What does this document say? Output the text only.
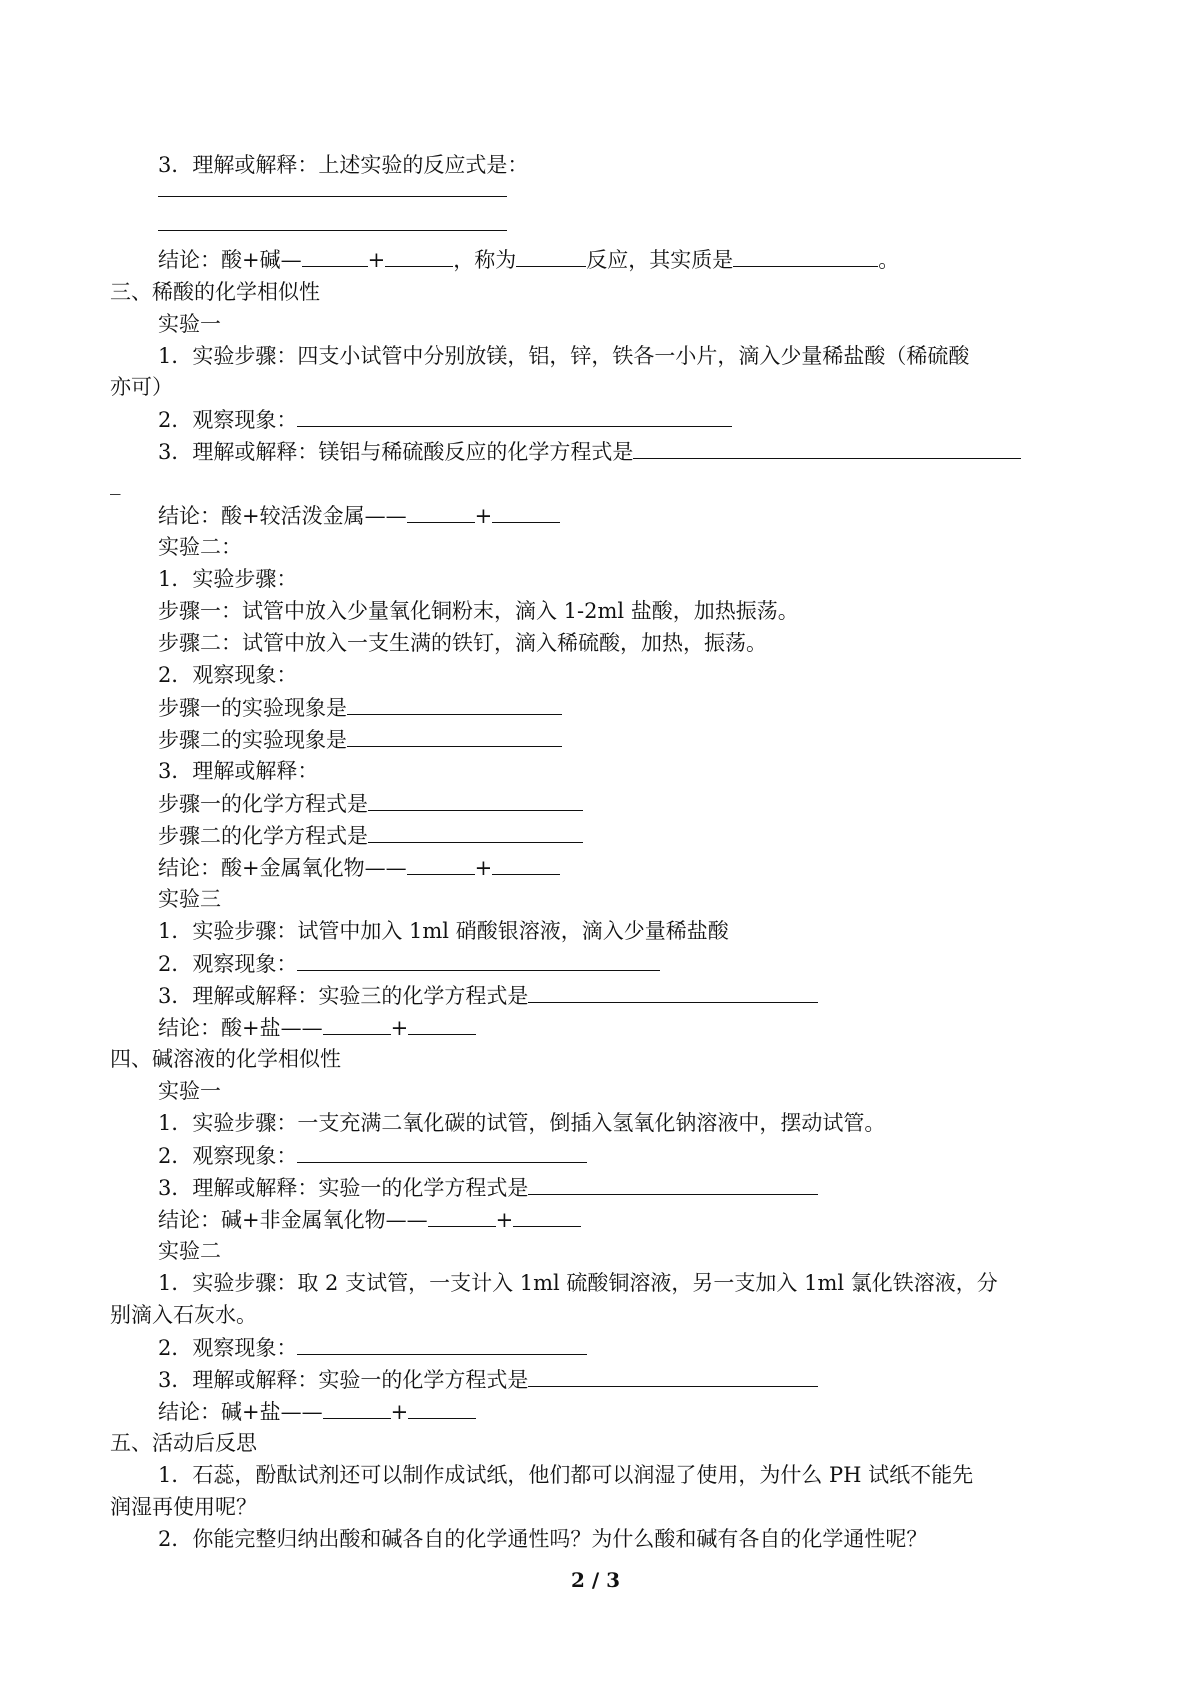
3．理解或解释：上述实验的反应式是：
结论：酸+碱—	+	，称为	反应，其实质是	。
三、稀酸的化学相似性
实验一
1．实验步骤：四支小试管中分别放镁，铝，锌，铁各一小片，滴入少量稀盐酸（稀硫酸
亦可）
2．观察现象：
3．理解或解释：镁铝与稀硫酸反应的化学方程式是
_
结论：酸+较活泼金属——	+
实验二：
1．实验步骤：
步骤一：试管中放入少量氧化铜粉末，滴入 1-2ml 盐酸，加热振荡。
步骤二：试管中放入一支生满的铁钉，滴入稀硫酸，加热，振荡。
2．观察现象：
步骤一的实验现象是
步骤二的实验现象是
3．理解或解释：
步骤一的化学方程式是
步骤二的化学方程式是
结论：酸+金属氧化物——	+
实验三
1．实验步骤：试管中加入 1ml 硝酸银溶液，滴入少量稀盐酸
2．观察现象：
3．理解或解释：实验三的化学方程式是
结论：酸+盐——	+
四、碱溶液的化学相似性
实验一
1．实验步骤：一支充满二氧化碳的试管，倒插入氢氧化钠溶液中，摆动试管。
2．观察现象：
3．理解或解释：实验一的化学方程式是
结论：碱+非金属氧化物——	+
实验二
1．实验步骤：取 2 支试管，一支计入 1ml 硫酸铜溶液，另一支加入 1ml 氯化铁溶液，分
别滴入石灰水。
2．观察现象：
3．理解或解释：实验一的化学方程式是
结论：碱+盐——	+
五、活动后反思
1．石蕊，酚酞试剂还可以制作成试纸，他们都可以润湿了使用，为什么 PH 试纸不能先
润湿再使用呢？
2．你能完整归纳出酸和碱各自的化学通性吗？为什么酸和碱有各自的化学通性呢？
2 / 3
